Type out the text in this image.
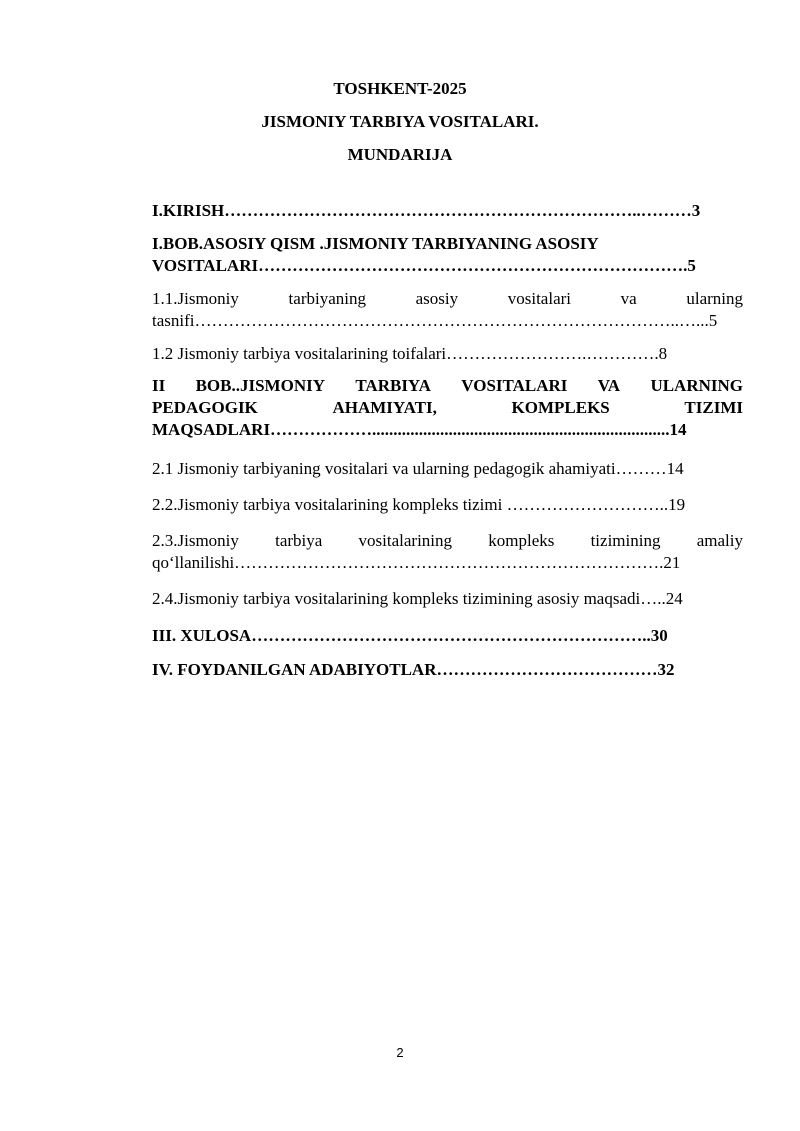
TOSHKENT-2025
JISMONIY TARBIYA VOSITALARI.
MUNDARIJA
I.KIRISH………………………………………………………………..………3
I.BOB.ASOSIY QISM .JISMONIY TARBIYANING ASOSIY
VOSITALARI………………………………………………………………….5
1.1.Jismoniy	tarbiyaning	asosiy	vositalari	va	ularning
tasnifi…………………………………………………………………………..…...5
1.2 Jismoniy tarbiya vositalarining toifalari…………………….………….8
II BOB..JISMONIY TARBIYA VOSITALARI VA ULARNING
PEDAGOGIK	AHAMIYATI,	KOMPLEKS	TIZIMI
MAQSADLARI………………......................................................................14
2.1 Jismoniy tarbiyaning vositalari va ularning pedagogik ahamiyati………14
2.2.Jismoniy tarbiya vositalarining kompleks tizimi ………………………..19
2.3.Jismoniy tarbiya vositalarining kompleks tizimining amaliy
qo‘llanilishi………………………………………………………………….21
2.4.Jismoniy tarbiya vositalarining kompleks tizimining asosiy maqsadi…..24
III. XULOSA……………………………………………………………..30
IV. FOYDANILGAN ADABIYOTLAR…………………………………32
2
